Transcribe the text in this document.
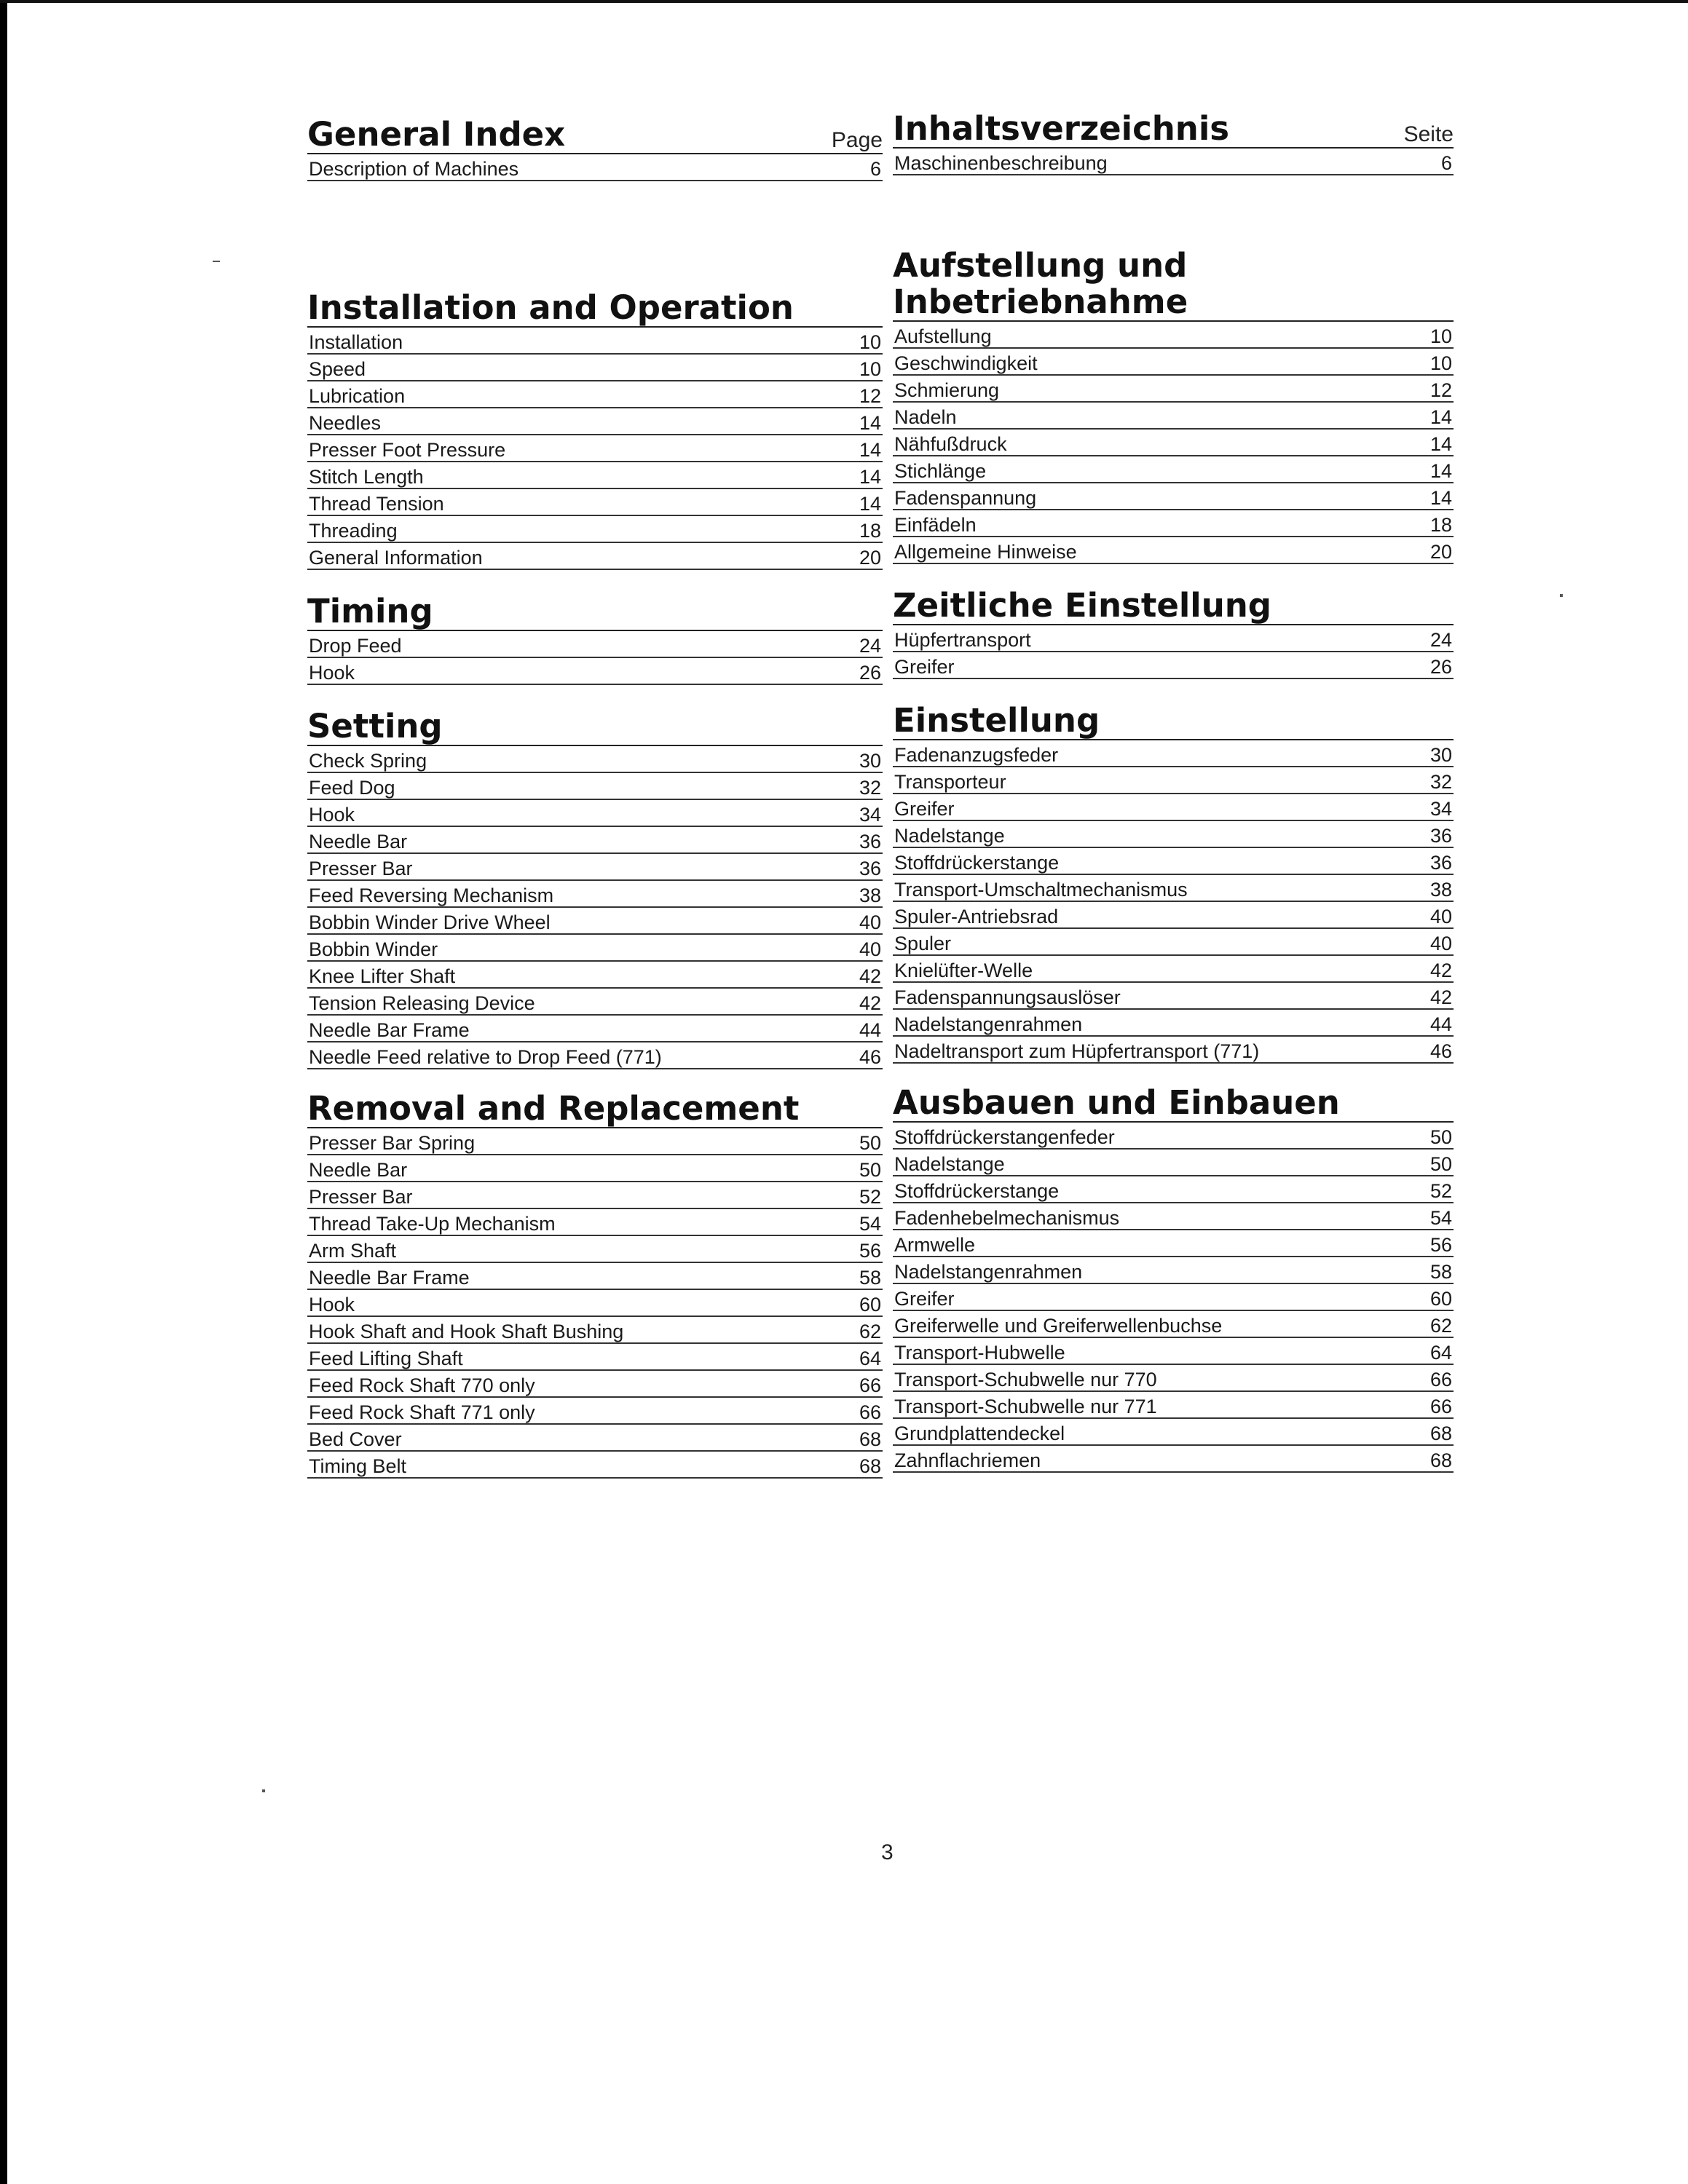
General Index	Page
Description of Machines	6
Installation and Operation
Installation	10
Speed	10
Lubrication	12
Needles	14
Presser Foot Pressure	14
Stitch Length	14
Thread Tension	14
Threading	18
General Information	20
Timing
Drop Feed	24
Hook	26
Setting
Check Spring	30
Feed Dog	32
Hook	34
Needle Bar	36
Presser Bar	36
Feed Reversing Mechanism	38
Bobbin Winder Drive Wheel	40
Bobbin Winder	40
Knee Lifter Shaft	42
Tension Releasing Device	42
Needle Bar Frame	44
Needle Feed relative to Drop Feed (771)	46
Removal and Replacement
Presser Bar Spring	50
Needle Bar	50
Presser Bar	52
Thread Take-Up Mechanism	54
Arm Shaft	56
Needle Bar Frame	58
Hook	60
Hook Shaft and Hook Shaft Bushing	62
Feed Lifting Shaft	64
Feed Rock Shaft 770 only	66
Feed Rock Shaft 771 only	66
Bed Cover	68
Timing Belt	68
Inhaltsverzeichnis	Seite
Maschinenbeschreibung	6
Aufstellung und Inbetriebnahme
Aufstellung	10
Geschwindigkeit	10
Schmierung	12
Nadeln	14
Nähfußdruck	14
Stichlänge	14
Fadenspannung	14
Einfädeln	18
Allgemeine Hinweise	20
Zeitliche Einstellung
Hüpfertransport	24
Greifer	26
Einstellung
Fadenanzugsfeder	30
Transporteur	32
Greifer	34
Nadelstange	36
Stoffdrückerstange	36
Transport-Umschaltmechanismus	38
Spuler-Antriebsrad	40
Spuler	40
Knielüfter-Welle	42
Fadenspannungsauslöser	42
Nadelstangenrahmen	44
Nadeltransport zum Hüpfertransport (771)	46
Ausbauen und Einbauen
Stoffdrückerstangenfeder	50
Nadelstange	50
Stoffdrückerstange	52
Fadenhebelmechanismus	54
Armwelle	56
Nadelstangenrahmen	58
Greifer	60
Greiferwelle und Greiferwellenbuchse	62
Transport-Hubwelle	64
Transport-Schubwelle nur 770	66
Transport-Schubwelle nur 771	66
Grundplattendeckel	68
Zahnflachriemen	68
3
